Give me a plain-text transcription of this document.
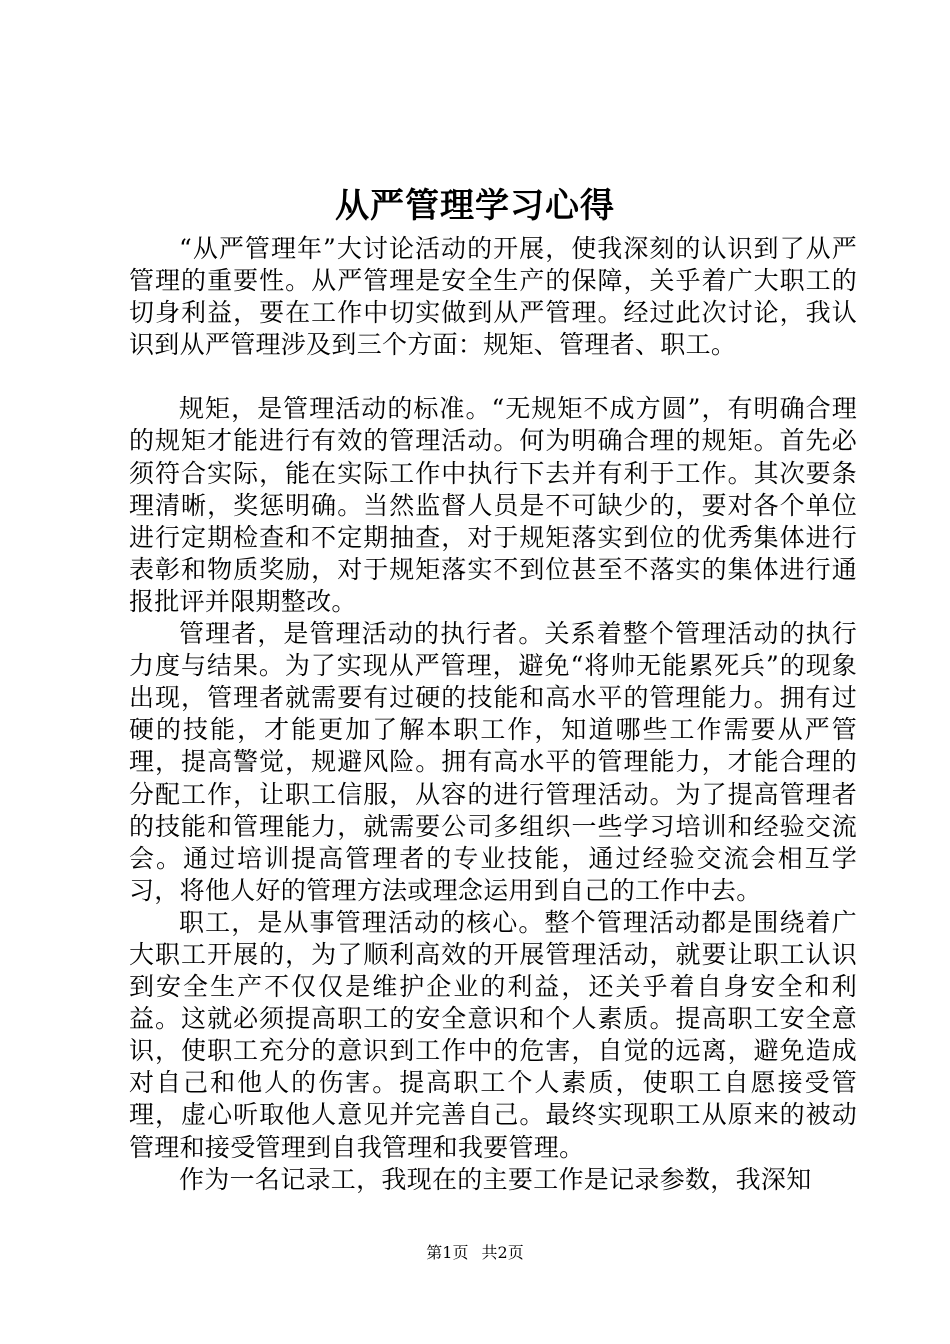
从严管理学习心得

“从严管理年”大讨论活动的开展，使我深刻的认识到了从严管理的重要性。从严管理是安全生产的保障，关乎着广大职工的切身利益，要在工作中切实做到从严管理。经过此次讨论，我认识到从严管理涉及到三个方面：规矩、管理者、职工。

规矩，是管理活动的标准。“无规矩不成方圆”，有明确合理的规矩才能进行有效的管理活动。何为明确合理的规矩。首先必须符合实际，能在实际工作中执行下去并有利于工作。其次要条理清晰，奖惩明确。当然监督人员是不可缺少的，要对各个单位进行定期检查和不定期抽查，对于规矩落实到位的优秀集体进行表彰和物质奖励，对于规矩落实不到位甚至不落实的集体进行通报批评并限期整改。

管理者，是管理活动的执行者。关系着整个管理活动的执行力度与结果。为了实现从严管理，避免“将帅无能累死兵”的现象出现，管理者就需要有过硬的技能和高水平的管理能力。拥有过硬的技能，才能更加了解本职工作，知道哪些工作需要从严管理，提高警觉，规避风险。拥有高水平的管理能力，才能合理的分配工作，让职工信服，从容的进行管理活动。为了提高管理者的技能和管理能力，就需要公司多组织一些学习培训和经验交流会。通过培训提高管理者的专业技能，通过经验交流会相互学习，将他人好的管理方法或理念运用到自己的工作中去。

职工，是从事管理活动的核心。整个管理活动都是围绕着广大职工开展的，为了顺利高效的开展管理活动，就要让职工认识到安全生产不仅仅是维护企业的利益，还关乎着自身安全和利益。这就必须提高职工的安全意识和个人素质。提高职工安全意识，使职工充分的意识到工作中的危害，自觉的远离，避免造成对自己和他人的伤害。提高职工个人素质，使职工自愿接受管理，虚心听取他人意见并完善自己。最终实现职工从原来的被动管理和接受管理到自我管理和我要管理。

作为一名记录工，我现在的主要工作是记录参数，我深知

第1页 共2页
